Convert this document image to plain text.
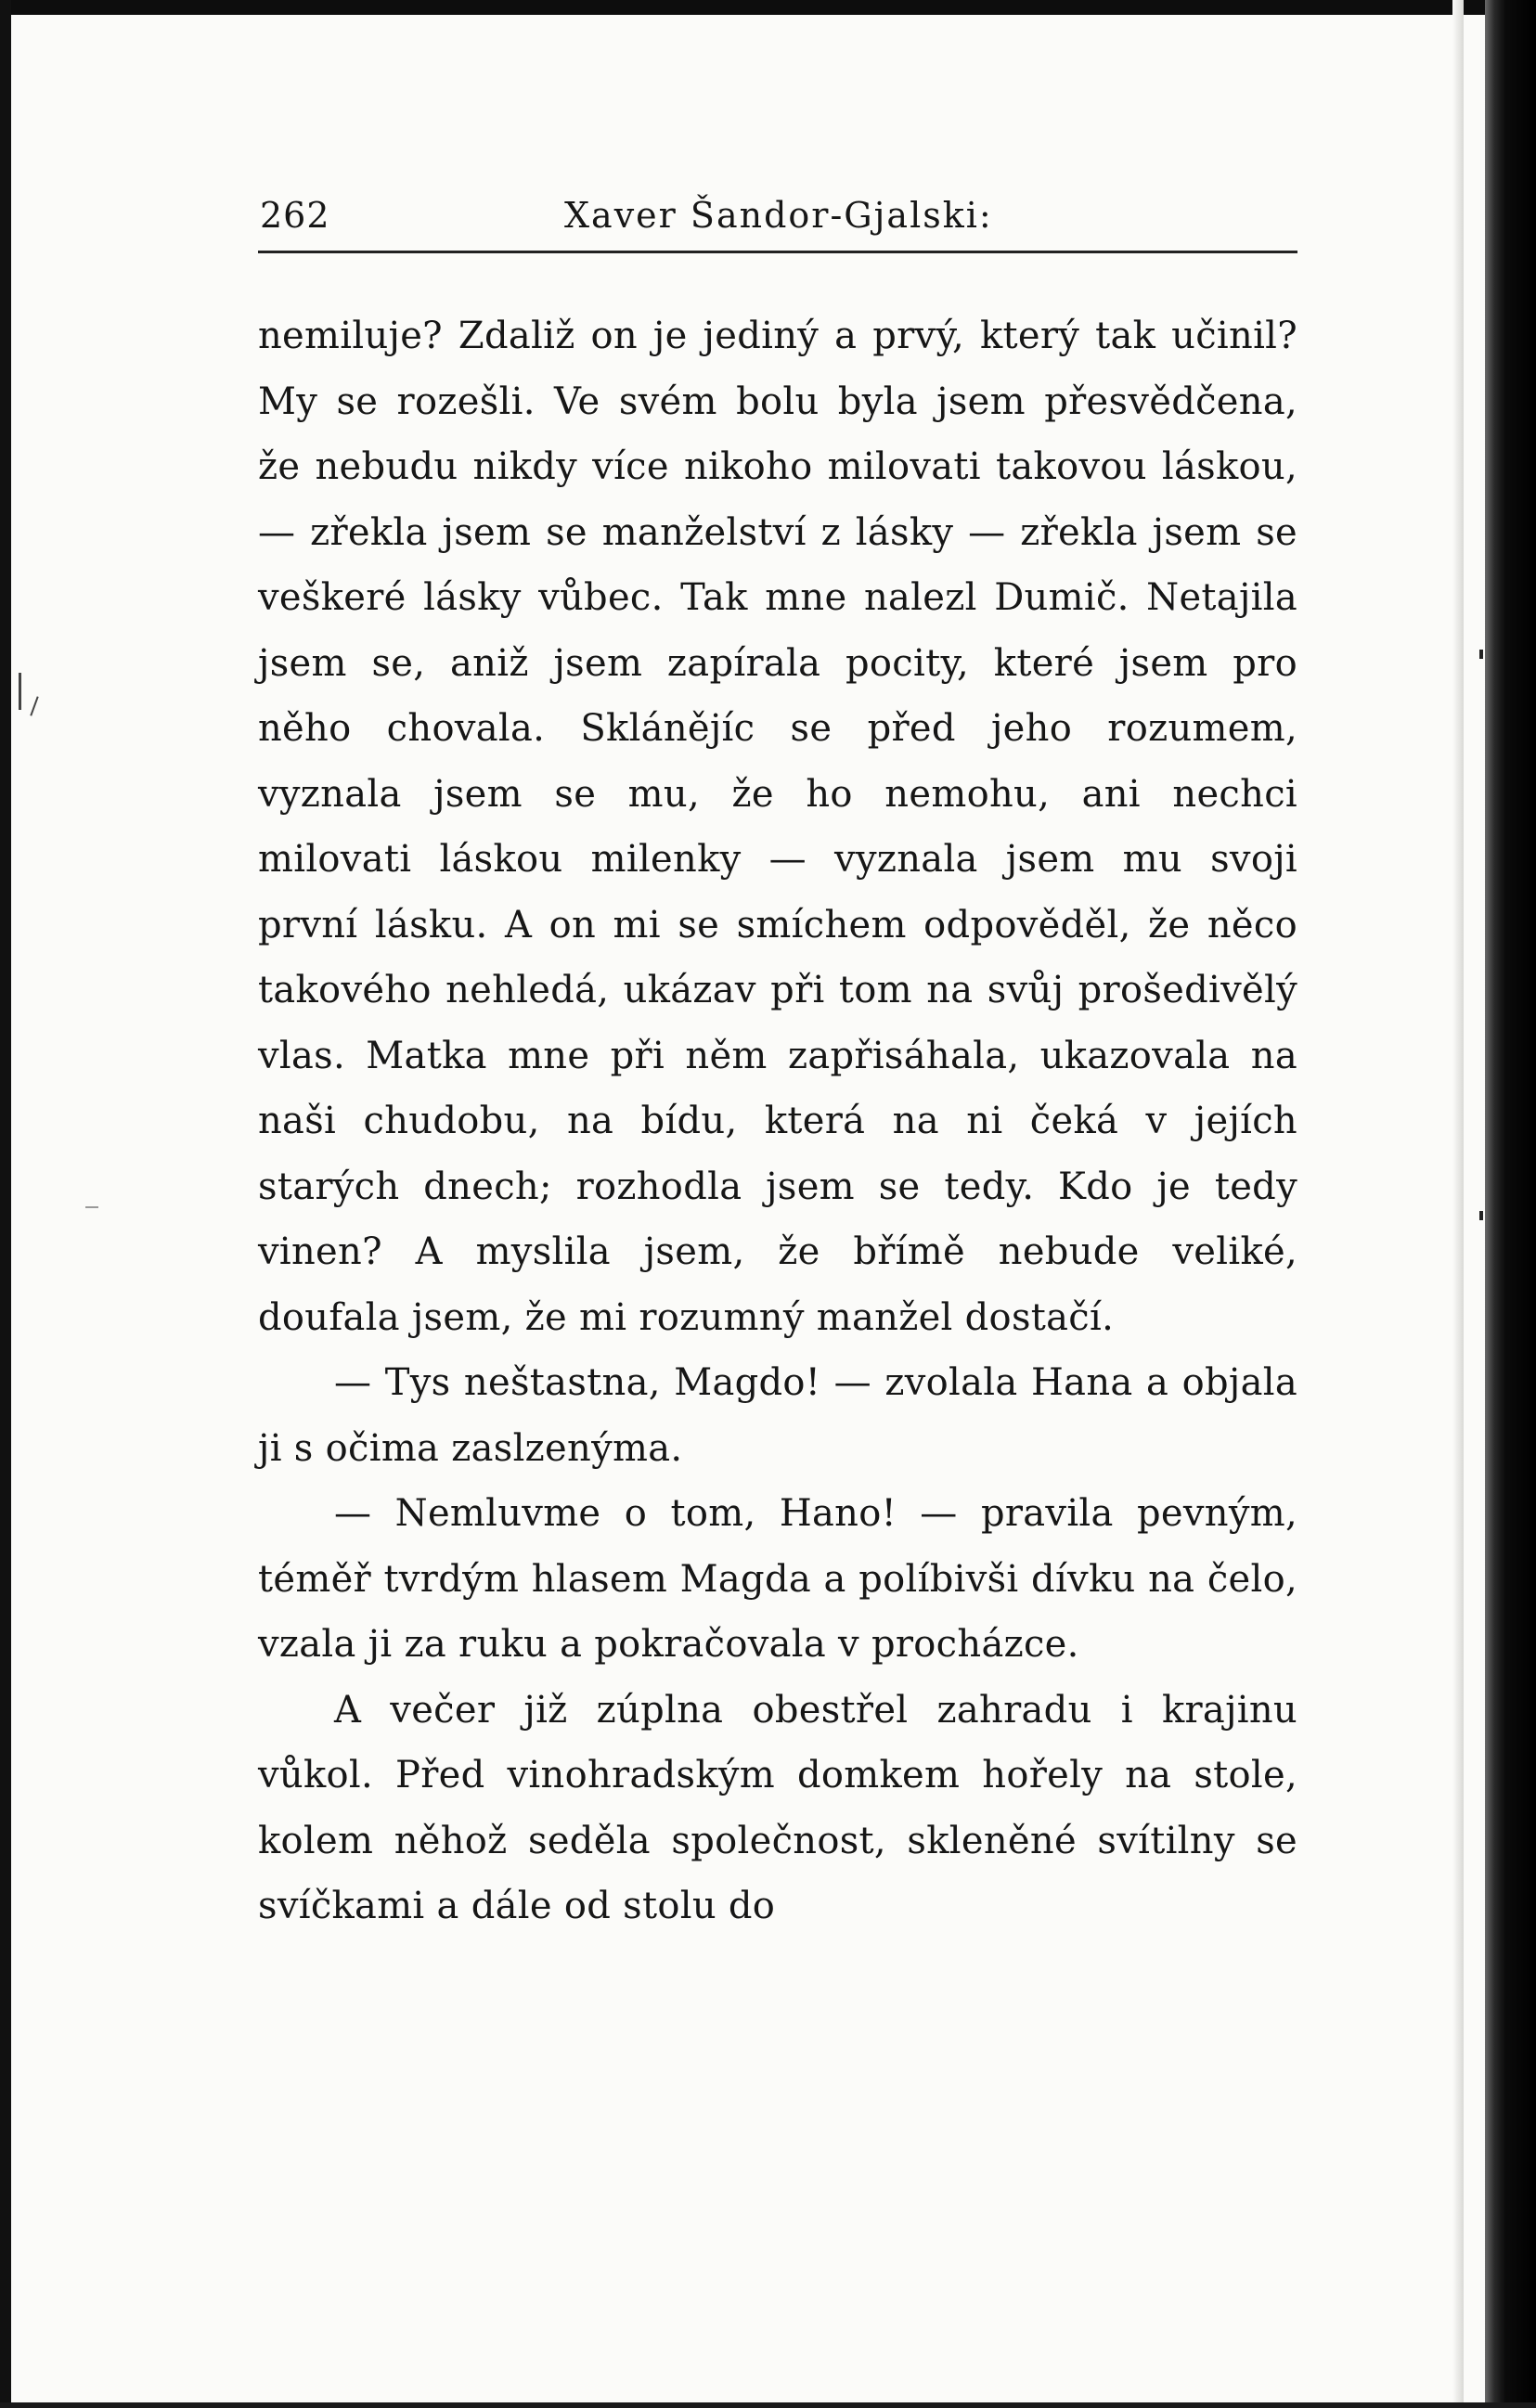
262	Xaver Šandor-Gjalski:

nemiluje? Zdaliž on je jediný a prvý, který tak učinil? My se rozešli. Ve svém bolu byla jsem přesvědčena, že nebudu nikdy více nikoho milovati takovou láskou, — zřekla jsem se manželství z lásky — zřekla jsem se veškeré lásky vůbec. Tak mne nalezl Dumič. Netajila jsem se, aniž jsem zapírala pocity, které jsem pro něho chovala. Sklánějíc se před jeho rozumem, vyznala jsem se mu, že ho nemohu, ani nechci milovati láskou milenky — vyznala jsem mu svoji první lásku. A on mi se smíchem odpověděl, že něco takového nehledá, ukázav při tom na svůj prošedivělý vlas. Matka mne při něm zapřisáhala, ukazovala na naši chudobu, na bídu, která na ni čeká v jejích starých dnech; rozhodla jsem se tedy. Kdo je tedy vinen? A myslila jsem, že břímě nebude veliké, doufala jsem, že mi rozumný manžel dostačí.

— Tys neštastna, Magdo! — zvolala Hana a objala ji s očima zaslzenýma.

— Nemluvme o tom, Hano! — pravila pevným, téměř tvrdým hlasem Magda a políbivši dívku na čelo, vzala ji za ruku a pokračovala v procházce.

A večer již zúplna obestřel zahradu i krajinu vůkol. Před vinohradským domkem hořely na stole, kolem něhož seděla společnost, skleněné svítilny se svíčkami a dále od stolu do
